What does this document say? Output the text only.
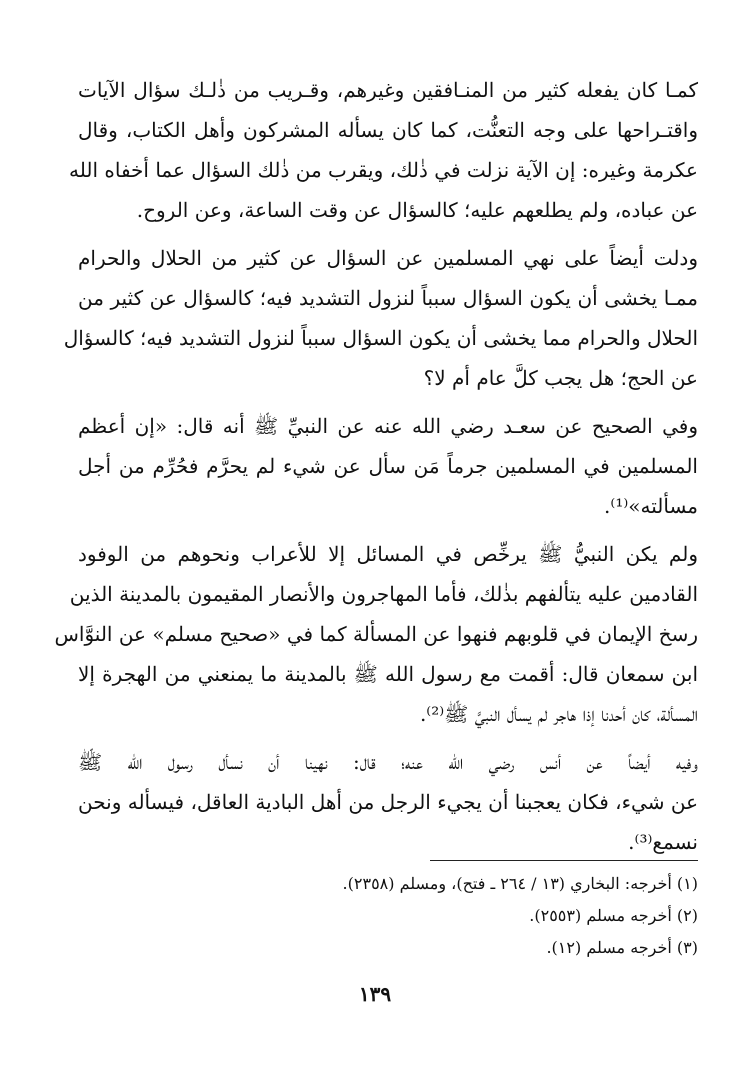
كمـا كان يفعله كثير من المنـافقين وغيرهم، وقـريب من ذٰلـك سؤال الآيات
واقتـراحها على وجه التعنُّت، كما كان يسأله المشركون وأهل الكتاب، وقال
عكرمة وغيره: إن الآية نزلت في ذٰلك، ويقرب من ذٰلك السؤال عما أخفاه الله
عن عباده، ولم يطلعهم عليه؛ كالسؤال عن وقت الساعة، وعن الروح.
ودلت أيضاً على نهي المسلمين عن السؤال عن كثير من الحلال والحرام
ممـا يخشى أن يكون السؤال سبباً لنزول التشديد فيه؛ كالسؤال عن كثير من
الحلال والحرام مما يخشى أن يكون السؤال سبباً لنزول التشديد فيه؛ كالسؤال
عن الحج؛ هل يجب كلَّ عام أم لا؟
وفي الصحيح عن سعـد رضي الله عنه عن النبيِّ ﷺ أنه قال: «إن أعظم
المسلمين في المسلمين جرماً مَن سأل عن شيء لم يحرَّم فحُرِّم من أجل
مسألته»⁽¹⁾.
ولم يكن النبيُّ ﷺ يرخِّص في المسائل إلا للأعراب ونحوهم من الوفود
القادمين عليه يتألفهم بذٰلك، فأما المهاجرون والأنصار المقيمون بالمدينة الذين
رسخ الإيمان في قلوبهم فنهوا عن المسألة كما في «صحيح مسلم» عن النوَّاس
ابن سمعان قال: أقمت مع رسول الله ﷺ بالمدينة ما يمنعني من الهجرة إلا
المسألة، كان أحدنا إذا هاجر لم يسأل النبيَّ ﷺ⁽²⁾.
وفيه أيضاً عن أنس رضي الله عنه؛ قال: نهينا أن نسأل رسول الله ﷺ
عن شيء، فكان يعجبنا أن يجيء الرجل من أهل البادية العاقل، فيسأله ونحن
نسمع⁽³⁾.
(١) أخرجه: البخاري (١٣ / ٢٦٤ ـ فتح)، ومسلم (٢٣٥٨).
(٢) أخرجه مسلم (٢٥٥٣).
(٣) أخرجه مسلم (١٢).
١٣٩
